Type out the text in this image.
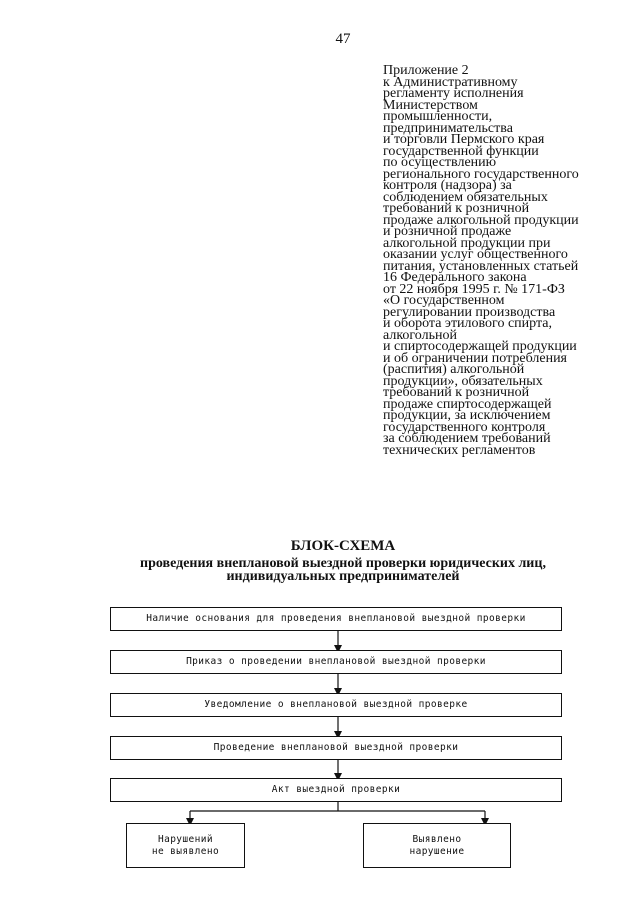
47
Приложение 2
к Административному
регламенту исполнения
Министерством
промышленности,
предпринимательства
и торговли Пермского края
государственной функции
по осуществлению
регионального государственного
контроля (надзора) за
соблюдением обязательных
требований к розничной
продаже алкогольной продукции
и розничной продаже
алкогольной продукции при
оказании услуг общественного
питания, установленных статьей
16 Федерального закона
от 22 ноября 1995 г. № 171-ФЗ
«О государственном
регулировании производства
и оборота этилового спирта,
алкогольной
и спиртосодержащей продукции
и об ограничении потребления
(распития) алкогольной
продукции», обязательных
требований к розничной
продаже спиртосодержащей
продукции, за исключением
государственного контроля
за соблюдением требований
технических регламентов
БЛОК-СХЕМА
проведения внеплановой выездной проверки юридических лиц,
индивидуальных предпринимателей
Наличие основания для проведения внеплановой выездной проверки
Приказ о проведении внеплановой выездной проверки
Уведомление о внеплановой выездной проверке
Проведение внеплановой выездной проверки
Акт выездной проверки
Нарушений
не выявлено
Выявлено
нарушение
